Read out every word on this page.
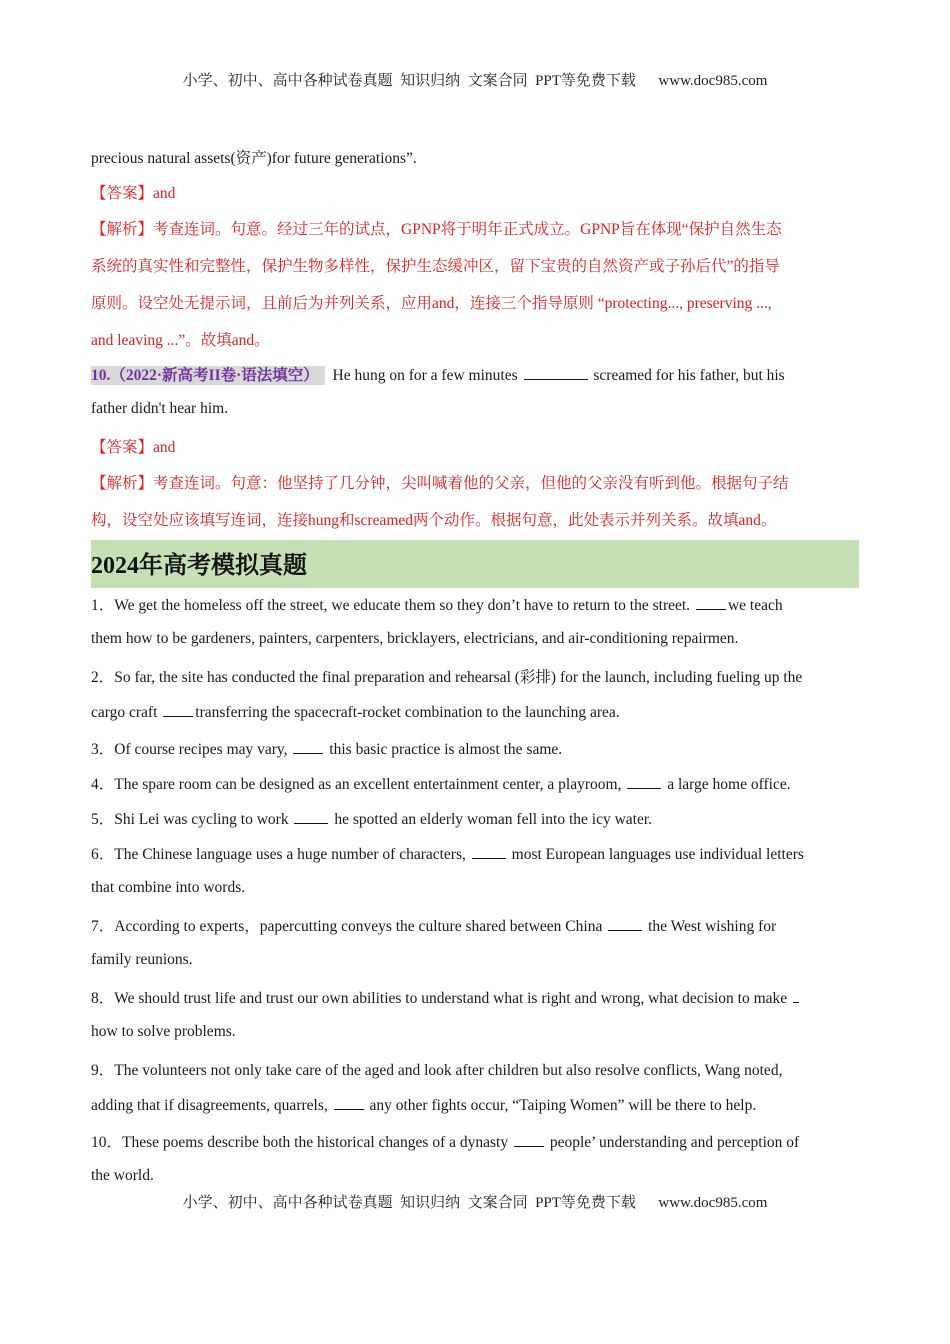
小学、初中、高中各种试卷真题  知识归纳  文案合同  PPT等免费下载      www.doc985.com
precious natural assets(资产)for future generations”.
【答案】and
【解析】考查连词。句意。经过三年的试点，GPNP将于明年正式成立。GPNP旨在体现“保护自然生态
系统的真实性和完整性，保护生物多样性，保护生态缓冲区，留下宝贵的自然资产或子孙后代”的指导
原则。设空处无提示词，且前后为并列关系，应用and，连接三个指导原则 “protecting..., preserving ...,
and leaving ...”。故填and。
10.（2022·新高考II卷·语法填空） He hung on for a few minutes	screamed for his father, but his
father didn't hear him.
【答案】and
【解析】考查连词。句意：他坚持了几分钟，尖叫喊着他的父亲，但他的父亲没有听到他。根据句子结
构，设空处应该填写连词，连接hung和screamed两个动作。根据句意，此处表示并列关系。故填and。
2024年高考模拟真题
1．We get the homeless off the street, we educate them so they don’t have to return to the street. we teach
them how to be gardeners, painters, carpenters, bricklayers, electricians, and air-conditioning repairmen.
2．So far, the site has conducted the final preparation and rehearsal (彩排) for the launch, including fueling up the
cargo craft transferring the spacecraft-rocket combination to the launching area.
3．Of course recipes may vary,  this basic practice is almost the same.
4．The spare room can be designed as an excellent entertainment center, a playroom,  a large home office.
5．Shi Lei was cycling to work  he spotted an elderly woman fell into the icy water.
6．The Chinese language uses a huge number of characters,  most European languages use individual letters
that combine into words.
7．According to experts，papercutting conveys the culture shared between China  the West wishing for
family reunions.
8．We should trust life and trust our own abilities to understand what is right and wrong, what decision to make
how to solve problems.
9．The volunteers not only take care of the aged and look after children but also resolve conflicts, Wang noted,
adding that if disagreements, quarrels,  any other fights occur, “Taiping Women” will be there to help.
10．These poems describe both the historical changes of a dynasty  people’ understanding and perception of
the world.
小学、初中、高中各种试卷真题  知识归纳  文案合同  PPT等免费下载      www.doc985.com
